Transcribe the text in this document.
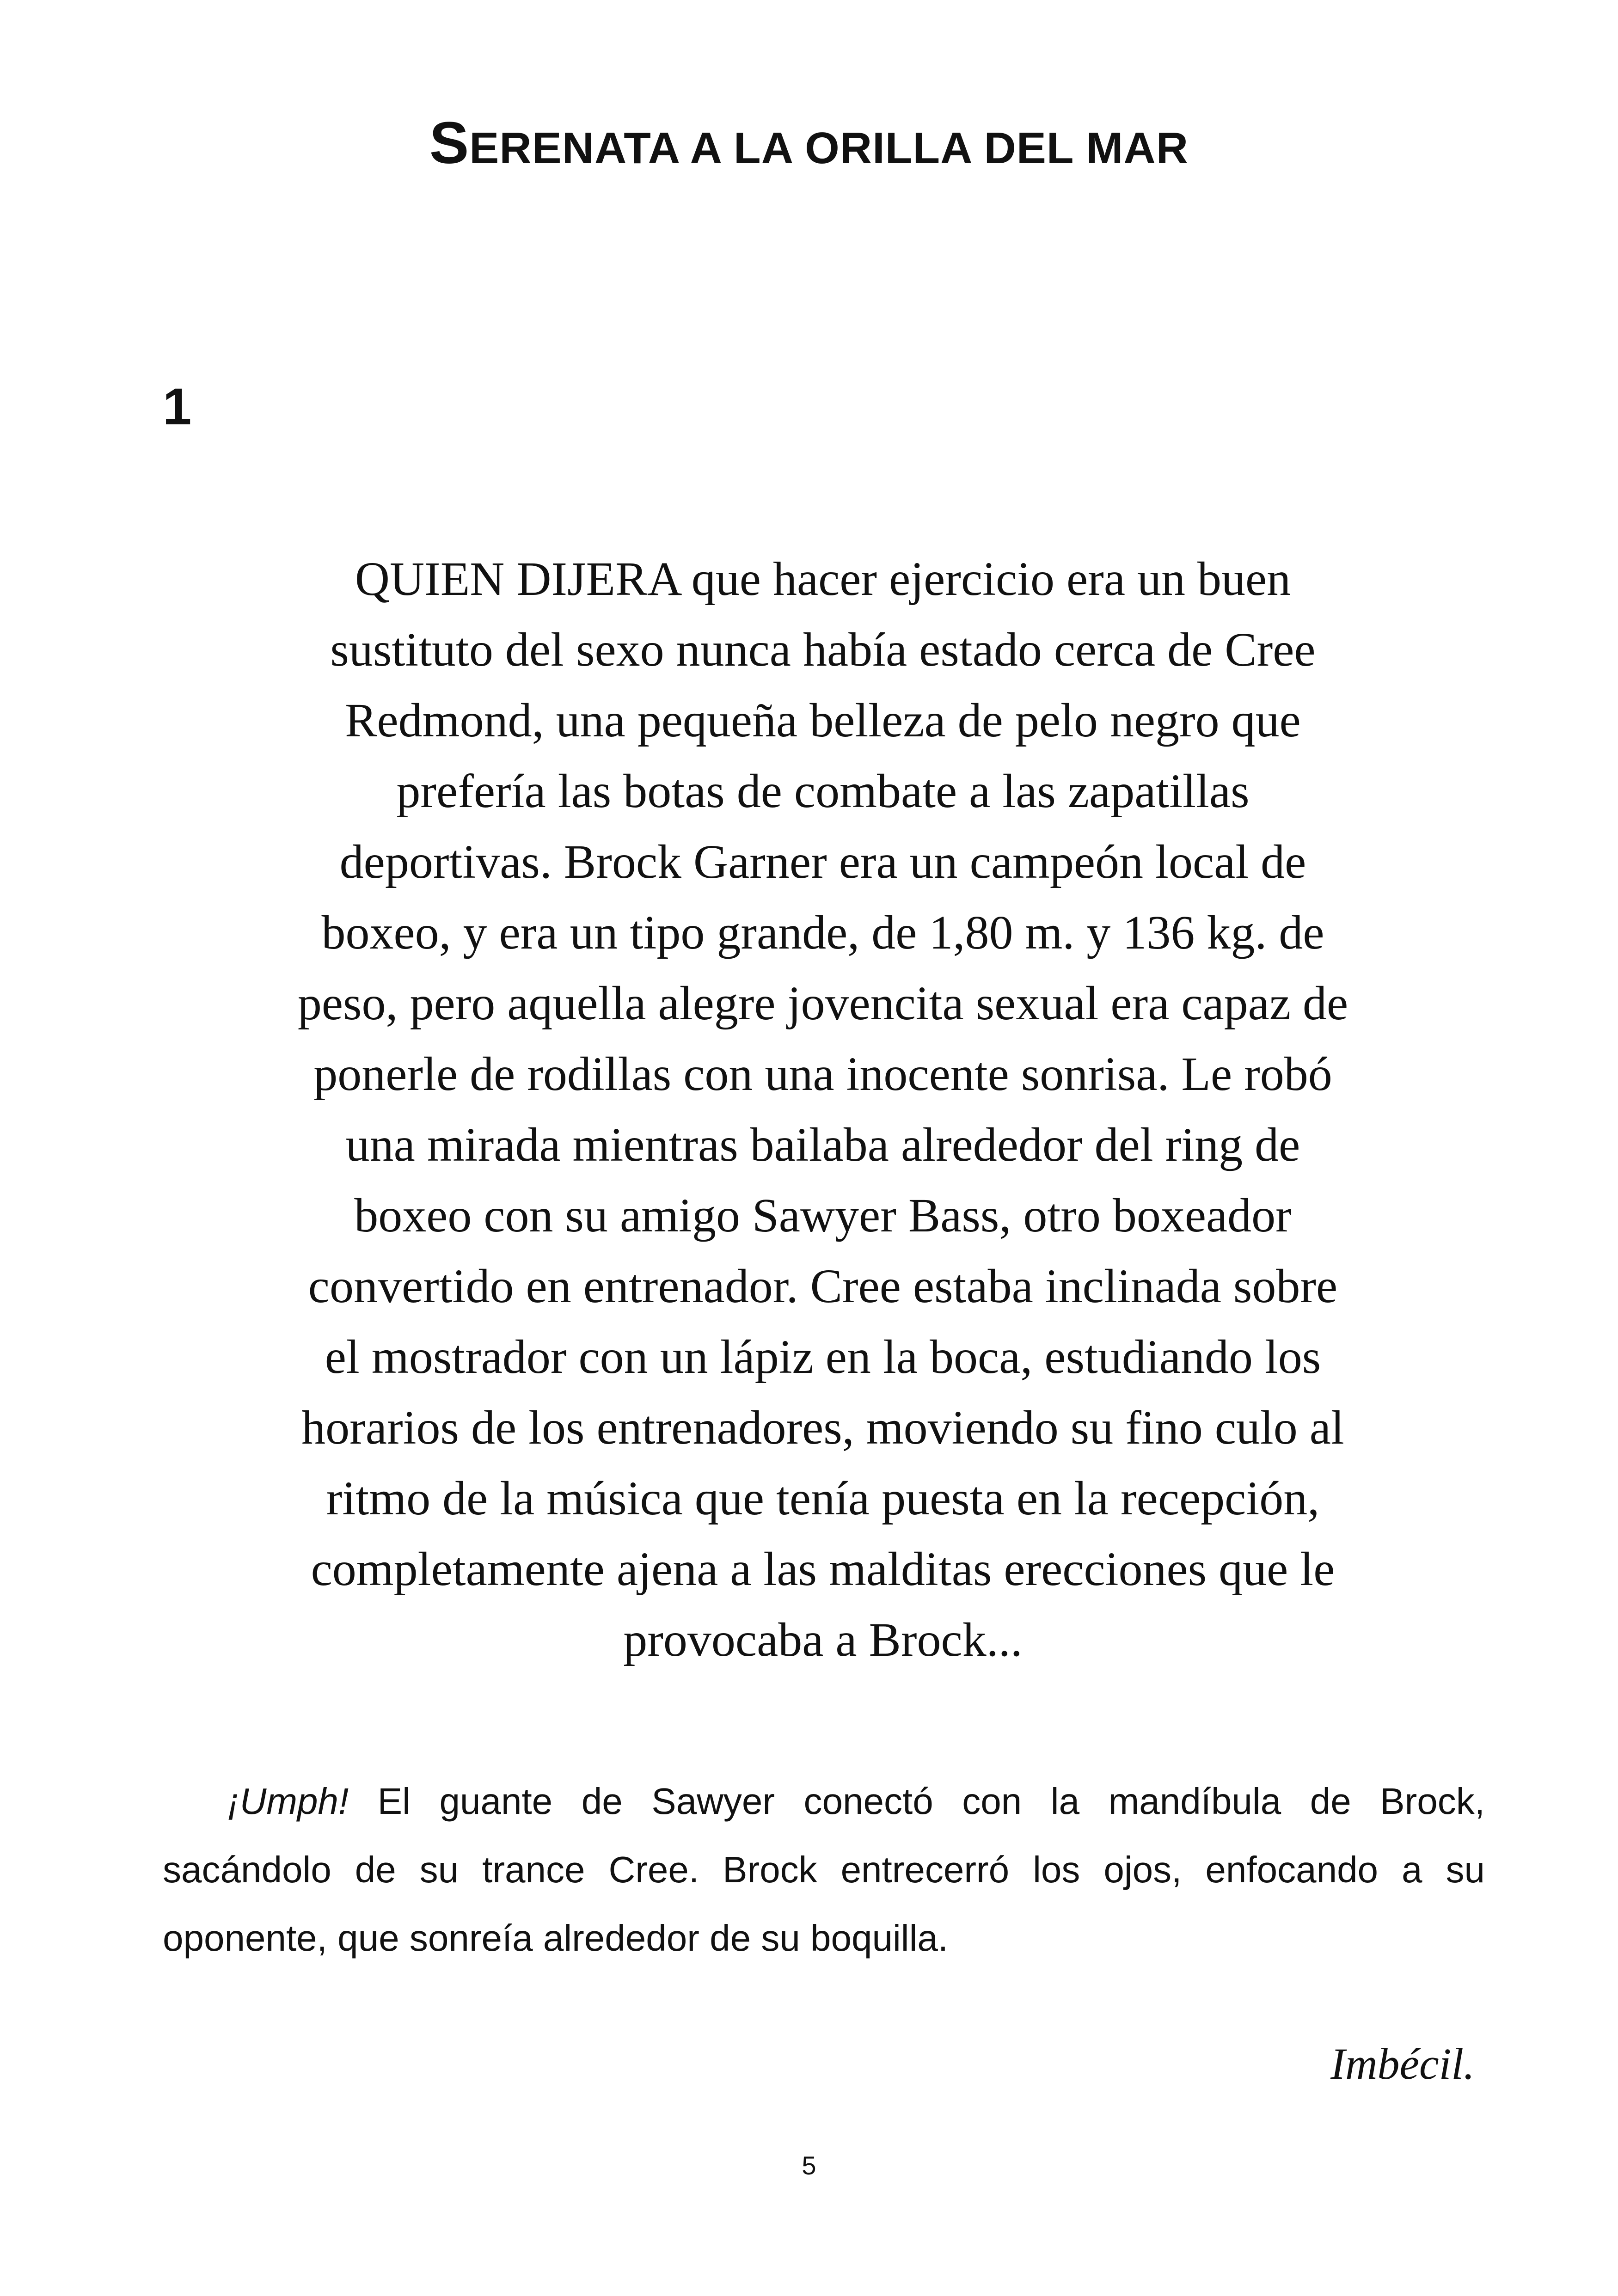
SERENATA A LA ORILLA DEL MAR
1
QUIEN DIJERA que hacer ejercicio era un buen
sustituto del sexo nunca había estado cerca de Cree
Redmond, una pequeña belleza de pelo negro que
prefería las botas de combate a las zapatillas
deportivas. Brock Garner era un campeón local de
boxeo, y era un tipo grande, de 1,80 m. y 136 kg. de
peso, pero aquella alegre jovencita sexual era capaz de
ponerle de rodillas con una inocente sonrisa. Le robó
una mirada mientras bailaba alrededor del ring de
boxeo con su amigo Sawyer Bass, otro boxeador
convertido en entrenador. Cree estaba inclinada sobre
el mostrador con un lápiz en la boca, estudiando los
horarios de los entrenadores, moviendo su fino culo al
ritmo de la música que tenía puesta en la recepción,
completamente ajena a las malditas erecciones que le
provocaba a Brock...
¡Umph! El guante de Sawyer conectó con la mandíbula de Brock,
sacándolo de su trance Cree. Brock entrecerró los ojos, enfocando a su
oponente, que sonreía alrededor de su boquilla.
Imbécil.
5
